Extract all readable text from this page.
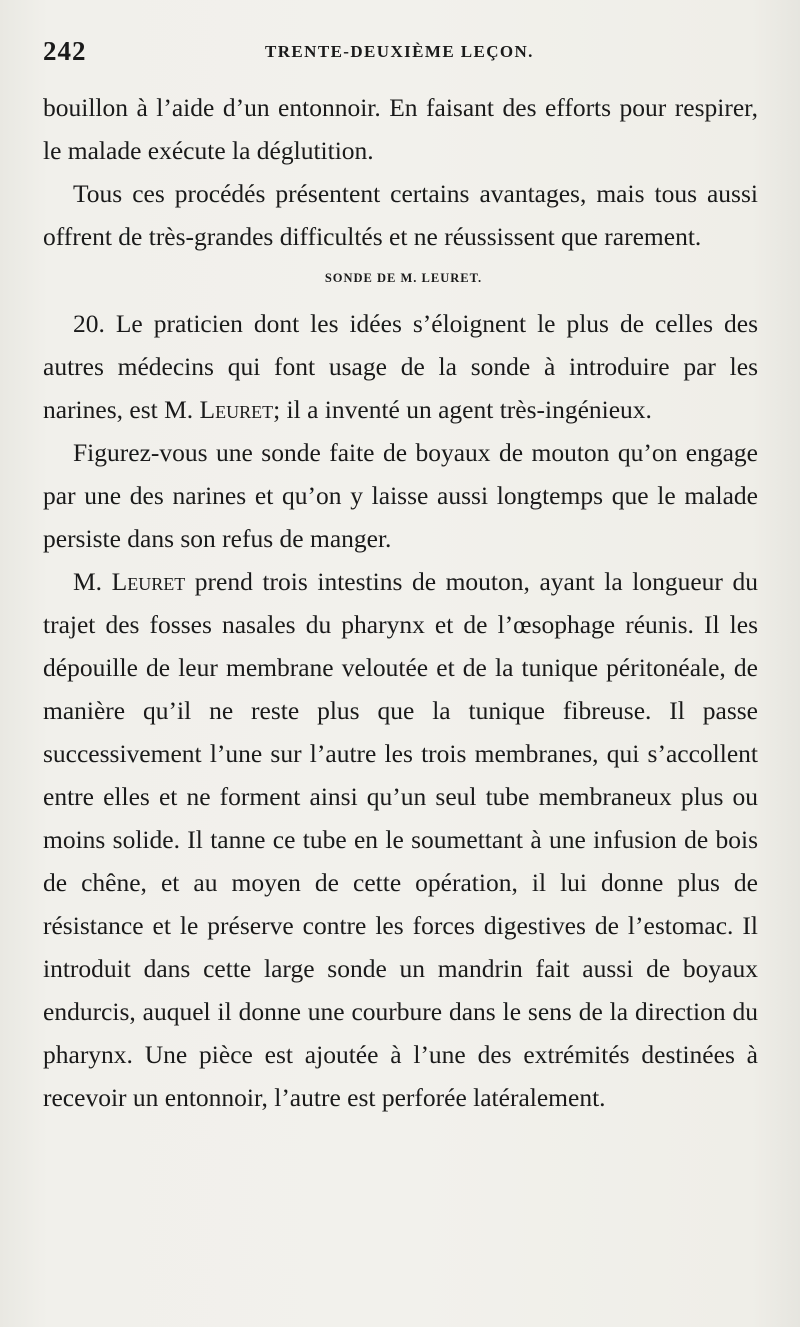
242	TRENTE-DEUXIÈME LEÇON.

bouillon à l’aide d’un entonnoir. En faisant des efforts pour respirer, le malade exécute la déglutition.

Tous ces procédés présentent certains avantages, mais tous aussi offrent de très-grandes difficultés et ne réussissent que rarement.

SONDE DE M. LEURET.

20. Le praticien dont les idées s’éloignent le plus de celles des autres médecins qui font usage de la sonde à introduire par les narines, est M. Leuret; il a inventé un agent très-ingénieux.

Figurez-vous une sonde faite de boyaux de mouton qu’on engage par une des narines et qu’on y laisse aussi longtemps que le malade persiste dans son refus de manger.

M. Leuret prend trois intestins de mouton, ayant la longueur du trajet des fosses nasales du pharynx et de l’œsophage réunis. Il les dépouille de leur membrane veloutée et de la tunique péritonéale, de manière qu’il ne reste plus que la tunique fibreuse. Il passe successivement l’une sur l’autre les trois membranes, qui s’accollent entre elles et ne forment ainsi qu’un seul tube membraneux plus ou moins solide. Il tanne ce tube en le soumettant à une infusion de bois de chêne, et au moyen de cette opération, il lui donne plus de résistance et le préserve contre les forces digestives de l’estomac. Il introduit dans cette large sonde un mandrin fait aussi de boyaux endurcis, auquel il donne une courbure dans le sens de la direction du pharynx. Une pièce est ajoutée à l’une des extrémités destinées à recevoir un entonnoir, l’autre est perforée latéralement.
